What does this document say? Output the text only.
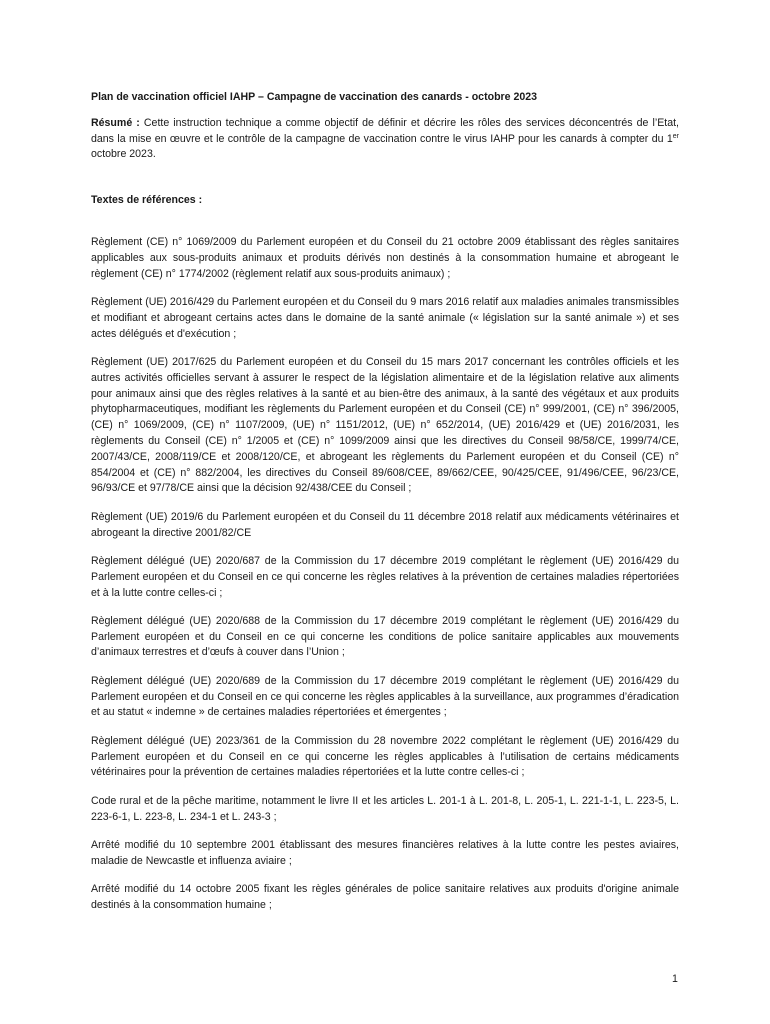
Plan de vaccination officiel IAHP – Campagne de vaccination des canards - octobre 2023

Résumé : Cette instruction technique a comme objectif de définir et décrire les rôles des services déconcentrés de l’Etat, dans la mise en œuvre et le contrôle de la campagne de vaccination contre le virus IAHP pour les canards à compter du 1er octobre 2023.

Textes de références :

Règlement (CE) n° 1069/2009 du Parlement européen et du Conseil du 21 octobre 2009 établissant des règles sanitaires applicables aux sous-produits animaux et produits dérivés non destinés à la consommation humaine et abrogeant le règlement (CE) n° 1774/2002 (règlement relatif aux sous-produits animaux) ;

Règlement (UE) 2016/429 du Parlement européen et du Conseil du 9 mars 2016 relatif aux maladies animales transmissibles et modifiant et abrogeant certains actes dans le domaine de la santé animale (« législation sur la santé animale ») et ses actes délégués et d'exécution ;

Règlement (UE) 2017/625 du Parlement européen et du Conseil du 15 mars 2017 concernant les contrôles officiels et les autres activités officielles servant à assurer le respect de la législation alimentaire et de la législation relative aux aliments pour animaux ainsi que des règles relatives à la santé et au bien-être des animaux, à la santé des végétaux et aux produits phytopharmaceutiques, modifiant les règlements du Parlement européen et du Conseil (CE) n° 999/2001, (CE) n° 396/2005, (CE) n° 1069/2009, (CE) n° 1107/2009, (UE) n° 1151/2012, (UE) n° 652/2014, (UE) 2016/429 et (UE) 2016/2031, les règlements du Conseil (CE) n° 1/2005 et (CE) n° 1099/2009 ainsi que les directives du Conseil 98/58/CE, 1999/74/CE, 2007/43/CE, 2008/119/CE et 2008/120/CE, et abrogeant les règlements du Parlement européen et du Conseil (CE) n° 854/2004 et (CE) n° 882/2004, les directives du Conseil 89/608/CEE, 89/662/CEE, 90/425/CEE, 91/496/CEE, 96/23/CE, 96/93/CE et 97/78/CE ainsi que la décision 92/438/CEE du Conseil ;

Règlement (UE) 2019/6 du Parlement européen et du Conseil du 11 décembre 2018 relatif aux médicaments vétérinaires et abrogeant la directive 2001/82/CE

Règlement délégué (UE) 2020/687 de la Commission du 17 décembre 2019 complétant le règlement (UE) 2016/429 du Parlement européen et du Conseil en ce qui concerne les règles relatives à la prévention de certaines maladies répertoriées et à la lutte contre celles-ci ;

Règlement délégué (UE) 2020/688 de la Commission du 17 décembre 2019 complétant le règlement (UE) 2016/429 du Parlement européen et du Conseil en ce qui concerne les conditions de police sanitaire applicables aux mouvements d’animaux terrestres et d’œufs à couver dans l’Union ;

Règlement délégué (UE) 2020/689 de la Commission du 17 décembre 2019 complétant le règlement (UE) 2016/429 du Parlement européen et du Conseil en ce qui concerne les règles applicables à la surveillance, aux programmes d’éradication et au statut « indemne » de certaines maladies répertoriées et émergentes ;

Règlement délégué (UE) 2023/361 de la Commission du 28 novembre 2022 complétant le règlement (UE) 2016/429 du Parlement européen et du Conseil en ce qui concerne les règles applicables à l’utilisation de certains médicaments vétérinaires pour la prévention de certaines maladies répertoriées et la lutte contre celles-ci ;

Code rural et de la pêche maritime, notamment le livre II et les articles L. 201-1 à L. 201-8, L. 205-1, L. 221-1-1, L. 223-5, L. 223-6-1, L. 223-8, L. 234-1 et L. 243-3 ;

Arrêté modifié du 10 septembre 2001 établissant des mesures financières relatives à la lutte contre les pestes aviaires, maladie de Newcastle et influenza aviaire ;

Arrêté modifié du 14 octobre 2005 fixant les règles générales de police sanitaire relatives aux produits d'origine animale destinés à la consommation humaine ;

1
